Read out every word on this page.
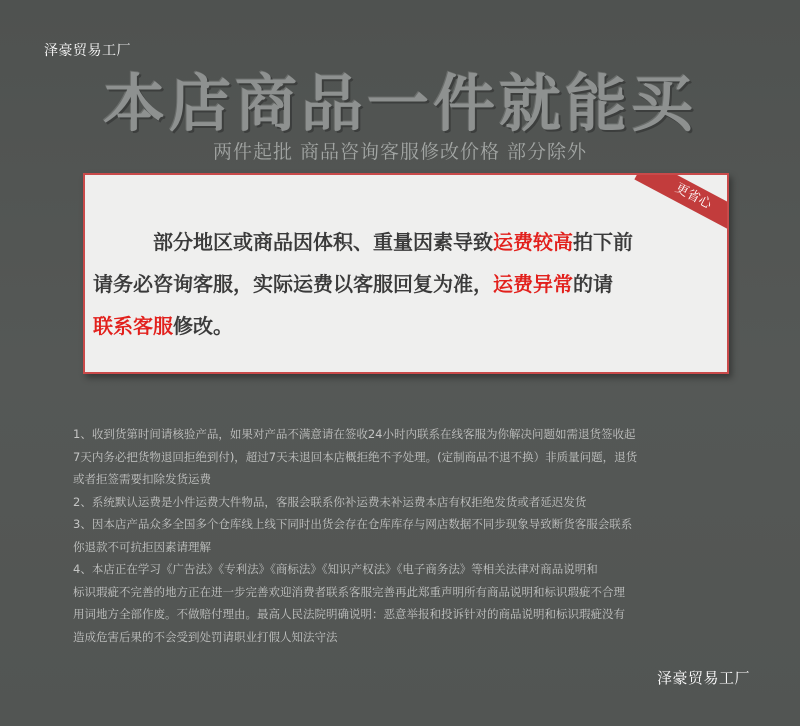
泽豪贸易工厂
本店商品一件就能买
两件起批 商品咨询客服修改价格 部分除外
更省心
部分地区或商品因体积、重量因素导致运费较高拍下前
请务必咨询客服，实际运费以客服回复为准，运费异常的请
联系客服修改。

1、收到货第时间请核验产品，如果对产品不满意请在签收24小时内联系在线客服为你解决问题如需退货签收起

7天内务必把货物退回拒绝到付)，超过7天未退回本店概拒绝不予处理。(定制商品不退不换）非质量问题，退货

或者拒签需要扣除发货运费

2、系统默认运费是小件运费大件物品，客服会联系你补运费未补运费本店有权拒绝发货或者延迟发货

3、因本店产品众多全国多个仓库线上线下同时出货会存在仓库库存与网店数据不同步现象导致断货客服会联系

你退款不可抗拒因素请理解

4、本店正在学习《广告法》《专利法》《商标法》《知识产权法》《电子商务法》等相关法律对商品说明和

标识瑕疵不完善的地方正在进一步完善欢迎消费者联系客服完善再此郑重声明所有商品说明和标识瑕疵不合理

用词地方全部作废。不做赔付理由。最高人民法院明确说明：恶意举报和投诉针对的商品说明和标识瑕疵没有

造成危害后果的不会受到处罚请职业打假人知法守法

泽豪贸易工厂
